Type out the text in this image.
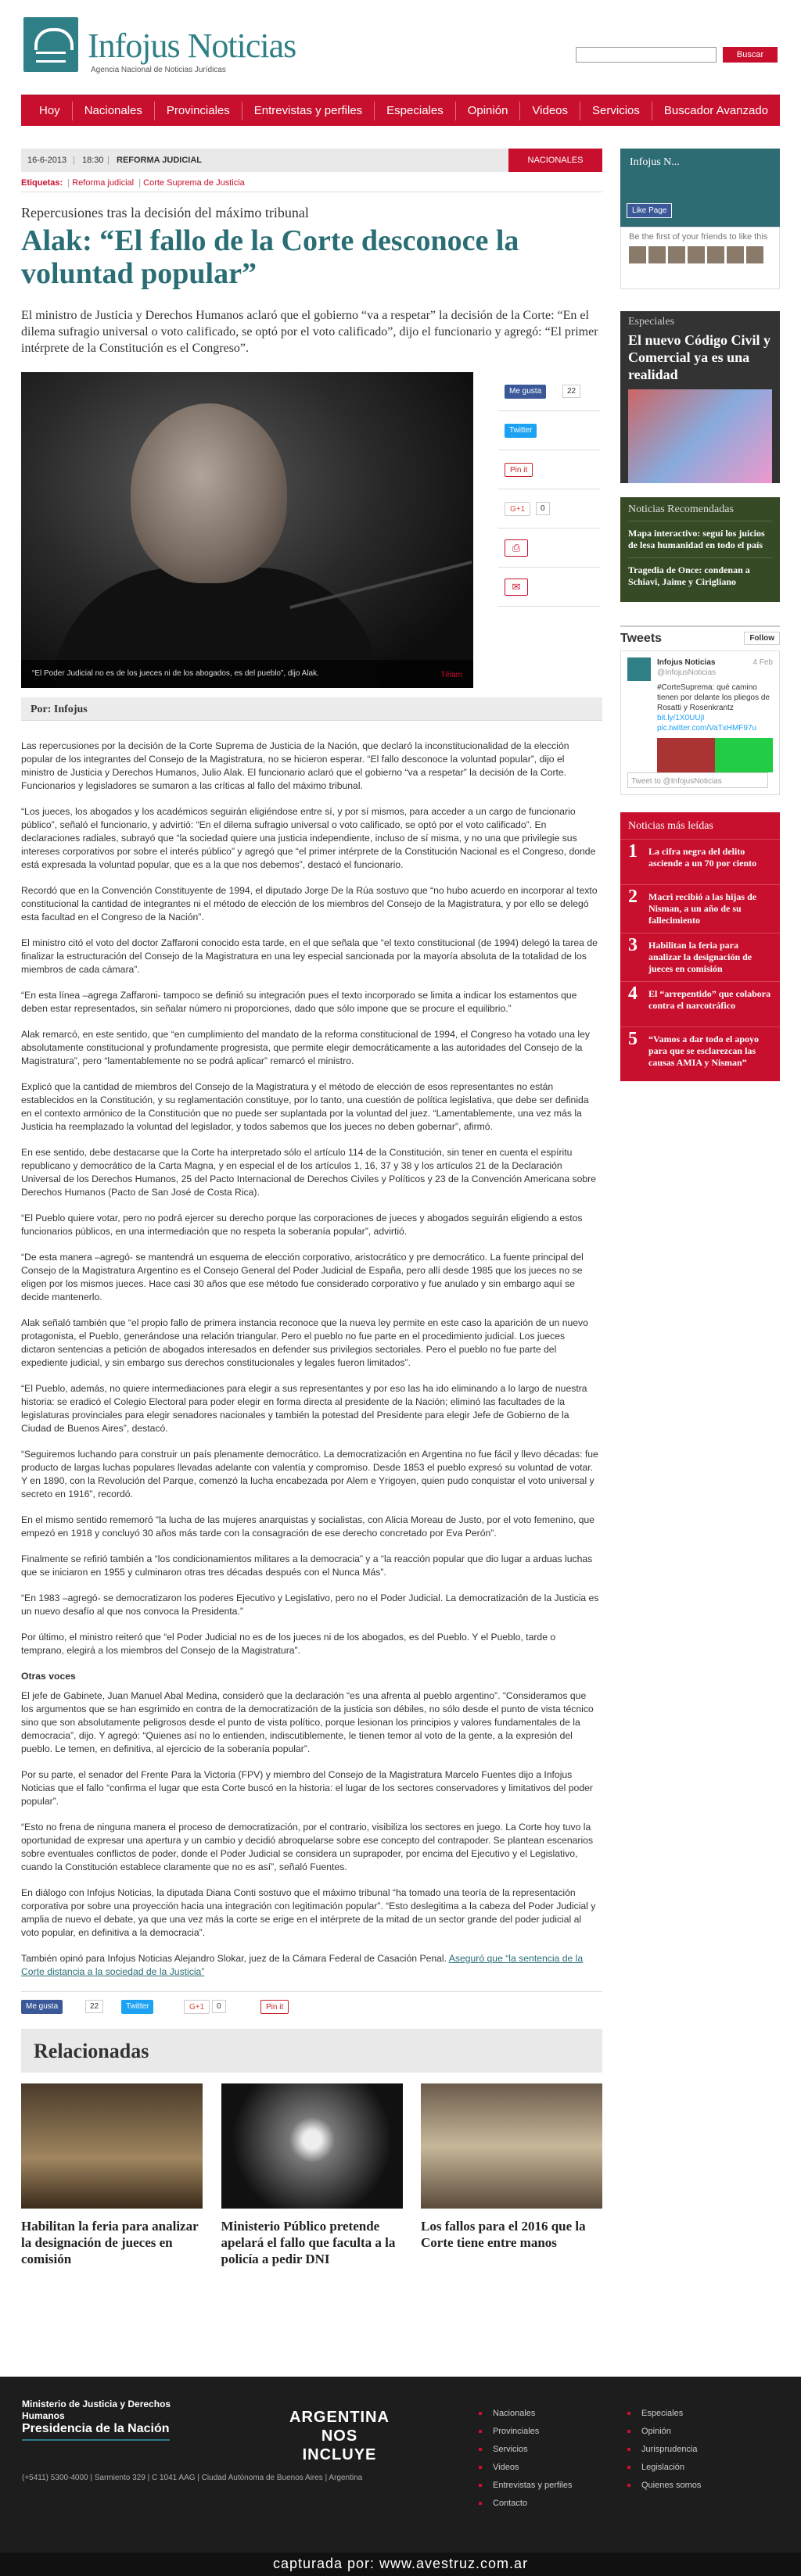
Infojus Noticias
Agencia Nacional de Noticias Jurídicas
Buscar
Hoy	Nacionales	Provinciales	Entrevistas y perfiles	Especiales	Opinión	Videos	Servicios	Buscador Avanzado
16-6-2013 | 18:30 | REFORMA JUDICIAL	NACIONALES
Etiquetas:  | Reforma judicial  | Corte Suprema de Justicia
Repercusiones tras la decisión del máximo tribunal
Alak: “El fallo de la Corte desconoce la voluntad popular”
El ministro de Justicia y Derechos Humanos aclaró que el gobierno “va a respetar” la decisión de la Corte: “En el dilema sufragio universal o voto calificado, se optó por el voto calificado”, dijo el funcionario y agregó: “El primer intérprete de la Constitución es el Congreso”.
“El Poder Judicial no es de los jueces ni de los abogados, es del pueblo”, dijo Alak.	Télam
Me gusta	22
Twitter
Pin it
G+1	0
⎙
✉
Por: Infojus

Las repercusiones por la decisión de la Corte Suprema de Justicia de la Nación, que declaró la inconstitucionalidad de la elección popular de los integrantes del Consejo de la Magistratura, no se hicieron esperar. “El fallo desconoce la voluntad popular”, dijo el ministro de Justicia y Derechos Humanos, Julio Alak. El funcionario aclaró que el gobierno “va a respetar” la decisión de la Corte. Funcionarios y legisladores se sumaron a las críticas al fallo del máximo tribunal.

“Los jueces, los abogados y los académicos seguirán eligiéndose entre sí, y por sí mismos, para acceder a un cargo de funcionario público”, señaló el funcionario, y advirtió: “En el dilema sufragio universal o voto calificado, se optó por el voto calificado”. En declaraciones radiales, subrayó que “la sociedad quiere una justicia independiente, incluso de sí misma, y no una que privilegie sus intereses corporativos por sobre el interés público” y agregó que “el primer intérprete de la Constitución Nacional es el Congreso, donde está expresada la voluntad popular, que es a la que nos debemos”, destacó el funcionario.

Recordó que en la Convención Constituyente de 1994, el diputado Jorge De la Rúa sostuvo que “no hubo acuerdo en incorporar al texto constitucional la cantidad de integrantes ni el método de elección de los miembros del Consejo de la Magistratura, y por ello se delegó esta facultad en el Congreso de la Nación”.

El ministro citó el voto del doctor Zaffaroni conocido esta tarde, en el que señala que “el texto constitucional (de 1994) delegó la tarea de finalizar la estructuración del Consejo de la Magistratura en una ley especial sancionada por la mayoría absoluta de la totalidad de los miembros de cada cámara”.

“En esta línea –agrega Zaffaroni- tampoco se definió su integración pues el texto incorporado se limita a indicar los estamentos que deben estar representados, sin señalar número ni proporciones, dado que sólo impone que se procure el equilibrio.”

Alak remarcó, en este sentido, que “en cumplimiento del mandato de la reforma constitucional de 1994, el Congreso ha votado una ley absolutamente constitucional y profundamente progresista, que permite elegir democráticamente a las autoridades del Consejo de la Magistratura”, pero “lamentablemente no se podrá aplicar” remarcó el ministro.

Explicó que la cantidad de miembros del Consejo de la Magistratura y el método de elección de esos representantes no están establecidos en la Constitución, y su reglamentación constituye, por lo tanto, una cuestión de política legislativa, que debe ser definida en el contexto armónico de la Constitución que no puede ser suplantada por la voluntad del juez. “Lamentablemente, una vez más la Justicia ha reemplazado la voluntad del legislador, y todos sabemos que los jueces no deben gobernar”, afirmó.

En ese sentido, debe destacarse que la Corte ha interpretado sólo el artículo 114 de la Constitución, sin tener en cuenta el espíritu republicano y democrático de la Carta Magna, y en especial el de los artículos 1, 16, 37 y 38 y los artículos 21 de la Declaración Universal de los Derechos Humanos, 25 del Pacto Internacional de Derechos Civiles y Políticos y 23 de la Convención Americana sobre Derechos Humanos (Pacto de San José de Costa Rica).

“El Pueblo quiere votar, pero no podrá ejercer su derecho porque las corporaciones de jueces y abogados seguirán eligiendo a estos funcionarios públicos, en una intermediación que no respeta la soberanía popular”, advirtió.

“De esta manera –agregó- se mantendrá un esquema de elección corporativo, aristocrático y pre democrático. La fuente principal del Consejo de la Magistratura Argentino es el Consejo General del Poder Judicial de España, pero allí desde 1985 que los jueces no se eligen por los mismos jueces. Hace casi 30 años que ese método fue considerado corporativo y fue anulado y sin embargo aquí se decide mantenerlo.

Alak señaló también que “el propio fallo de primera instancia reconoce que la nueva ley permite en este caso la aparición de un nuevo protagonista, el Pueblo, generándose una relación triangular. Pero el pueblo no fue parte en el procedimiento judicial. Los jueces dictaron sentencias a petición de abogados interesados en defender sus privilegios sectoriales. Pero el pueblo no fue parte del expediente judicial, y sin embargo sus derechos constitucionales y legales fueron limitados”.

“El Pueblo, además, no quiere intermediaciones para elegir a sus representantes y por eso las ha ido eliminando a lo largo de nuestra historia: se eradicó el Colegio Electoral para poder elegir en forma directa al presidente de la Nación; eliminó las facultades de la legislaturas provinciales para elegir senadores nacionales y también la potestad del Presidente para elegir Jefe de Gobierno de la Ciudad de Buenos Aires”, destacó.

“Seguiremos luchando para construir un país plenamente democrático. La democratización en Argentina no fue fácil y llevo décadas: fue producto de largas luchas populares llevadas adelante con valentía y compromiso. Desde 1853 el pueblo expresó su voluntad de votar. Y en 1890, con la Revolución del Parque, comenzó la lucha encabezada por Alem e Yrigoyen, quien pudo conquistar el voto universal y secreto en 1916”, recordó.

En el mismo sentido rememoró “la lucha de las mujeres anarquistas y socialistas, con Alicia Moreau de Justo, por el voto femenino, que empezó en 1918 y concluyó 30 años más tarde con la consagración de ese derecho concretado por Eva Perón”.

Finalmente se refirió también a “los condicionamientos militares a la democracia” y a “la reacción popular que dio lugar a arduas luchas que se iniciaron en 1955 y culminaron otras tres décadas después con el Nunca Más”.

“En 1983 –agregó- se democratizaron los poderes Ejecutivo y Legislativo, pero no el Poder Judicial. La democratización de la Justicia es un nuevo desafío al que nos convoca la Presidenta.”

Por último, el ministro reiteró que “el Poder Judicial no es de los jueces ni de los abogados, es del Pueblo. Y el Pueblo, tarde o temprano, elegirá a los miembros del Consejo de la Magistratura”.

Otras voces

El jefe de Gabinete, Juan Manuel Abal Medina, consideró que la declaración “es una afrenta al pueblo argentino”. “Consideramos que los argumentos que se han esgrimido en contra de la democratización de la justicia son débiles, no sólo desde el punto de vista técnico sino que son absolutamente peligrosos desde el punto de vista político, porque lesionan los principios y valores fundamentales de la democracia”, dijo. Y agregó: “Quienes así no lo entienden, indiscutiblemente, le tienen temor al voto de la gente, a la expresión del pueblo. Le temen, en definitiva, al ejercicio de la soberanía popular”.

Por su parte, el senador del Frente Para la Victoria (FPV) y miembro del Consejo de la Magistratura Marcelo Fuentes dijo a Infojus Noticias que el fallo “confirma el lugar que esta Corte buscó en la historia: el lugar de los sectores conservadores y limitativos del poder popular”.

“Esto no frena de ninguna manera el proceso de democratización, por el contrario, visibiliza los sectores en juego. La Corte hoy tuvo la oportunidad de expresar una apertura y un cambio y decidió abroquelarse sobre ese concepto del contrapoder. Se plantean escenarios sobre eventuales conflictos de poder, donde el Poder Judicial se considera un suprapoder, por encima del Ejecutivo y el Legislativo, cuando la Constitución establece claramente que no es así”, señaló Fuentes.

En diálogo con Infojus Noticias, la diputada Diana Conti sostuvo que el máximo tribunal “ha tomado una teoría de la representación corporativa por sobre una proyección hacia una integración con legitimación popular”. “Esto deslegitima a la cabeza del Poder Judicial y amplia de nuevo el debate, ya que una vez más la corte se erige en el intérprete de la mitad de un sector grande del poder judicial al voto popular, en definitiva a la democracia”.

También opinó para Infojus Noticias Alejandro Slokar, juez de la Cámara Federal de Casación Penal. Aseguró que “la sentencia de la Corte distancia a la sociedad de la Justicia”

Me gusta	22	Twitter	G+1	0	Pin it
Relacionadas
Habilitan la feria para analizar la designación de jueces en comisión
Ministerio Público pretende apelará el fallo que faculta a la policía a pedir DNI
Los fallos para el 2016 que la Corte tiene entre manos
Infojus N...
Like Page
Be the first of your friends to like this
Especiales
El nuevo Código Civil y Comercial ya es una realidad
Noticias Recomendadas
Mapa interactivo: seguí los juicios de lesa humanidad en todo el país
Tragedia de Once: condenan a Schiavi, Jaime y Cirigliano
Tweets	Follow
Infojus Noticias
@InfojusNoticias
4 Feb
#CorteSuprema: qué camino tienen por delante los pliegos de Rosatti y Rosenkrantz bit.ly/1X0UUjI pic.twitter.com/VaTxHMF97u
Tweet to @InfojusNoticias
Noticias más leídas
1	La cifra negra del delito asciende a un 70 por ciento
2	Macri recibió a las hijas de Nisman, a un año de su fallecimiento
3	Habilitan la feria para analizar la designación de jueces en comisión
4	El “arrepentido” que colabora contra el narcotráfico
5	“Vamos a dar todo el apoyo para que se esclarezcan las causas AMIA y Nisman”
Ministerio de Justicia y Derechos Humanos
Presidencia de la Nación
ARGENTINA NOS INCLUYE
(+5411) 5300-4000 | Sarmiento 329 | C 1041 AAG | Ciudad Autónoma de Buenos Aires | Argentina
Nacionales
Provinciales
Servicios
Videos
Entrevistas y perfiles
Contacto
Especiales
Opinión
Jurisprudencia
Legislación
Quienes somos
capturada por: www.avestruz.com.ar
